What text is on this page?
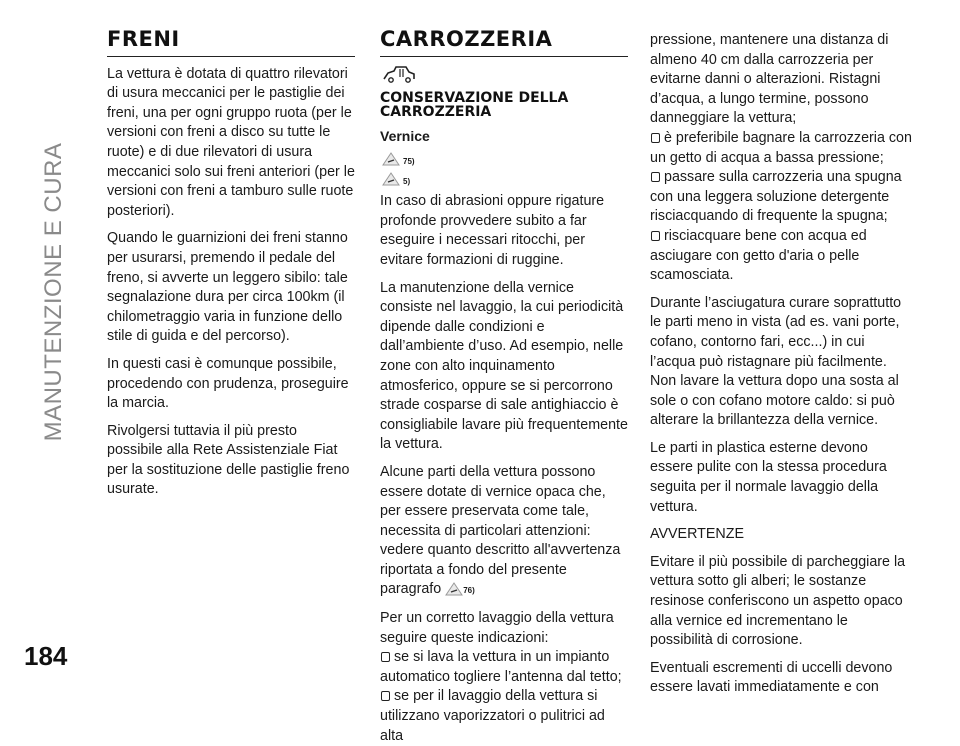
MANUTENZIONE E CURA
184
FRENI

La vettura è dotata di quattro rilevatori di usura meccanici per le pastiglie dei freni, una per ogni gruppo ruota (per le versioni con freni a disco su tutte le ruote) e di due rilevatori di usura meccanici solo sui freni anteriori (per le versioni con freni a tamburo sulle ruote posteriori).

Quando le guarnizioni dei freni stanno per usurarsi, premendo il pedale del freno, si avverte un leggero sibilo: tale segnalazione dura per circa 100km (il chilometraggio varia in funzione dello stile di guida e del percorso).

In questi casi è comunque possibile, procedendo con prudenza, proseguire la marcia.

Rivolgersi tuttavia il più presto possibile alla Rete Assistenziale Fiat per la sostituzione delle pastiglie freno usurate.

CARROZZERIA
CONSERVAZIONE DELLA CARROZZERIA
Vernice
75)
5)

In caso di abrasioni oppure rigature profonde provvedere subito a far eseguire i necessari ritocchi, per evitare formazioni di ruggine.

La manutenzione della vernice consiste nel lavaggio, la cui periodicità dipende dalle condizioni e dall’ambiente d’uso. Ad esempio, nelle zone con alto inquinamento atmosferico, oppure se si percorrono strade cosparse di sale antighiaccio è consigliabile lavare più frequentemente la vettura.

Alcune parti della vettura possono essere dotate di vernice opaca che, per essere preservata come tale, necessita di particolari attenzioni: vedere quanto descritto all'avvertenza riportata a fondo del presente paragrafo	76)

Per un corretto lavaggio della vettura seguire queste indicazioni:

se si lava la vettura in un impianto automatico togliere l’antenna dal tetto;
se per il lavaggio della vettura si utilizzano vaporizzatori o pulitrici ad alta
pressione, mantenere una distanza di almeno 40 cm dalla carrozzeria per evitarne danni o alterazioni. Ristagni d’acqua, a lungo termine, possono danneggiare la vettura;
è preferibile bagnare la carrozzeria con un getto di acqua a bassa pressione;
passare sulla carrozzeria una spugna con una leggera soluzione detergente risciacquando di frequente la spugna;
risciacquare bene con acqua ed asciugare con getto d'aria o pelle scamosciata.

Durante l’asciugatura curare soprattutto le parti meno in vista (ad es. vani porte, cofano, contorno fari, ecc...) in cui l’acqua può ristagnare più facilmente. Non lavare la vettura dopo una sosta al sole o con cofano motore caldo: si può alterare la brillantezza della vernice.

Le parti in plastica esterne devono essere pulite con la stessa procedura seguita per il normale lavaggio della vettura.

AVVERTENZE

Evitare il più possibile di parcheggiare la vettura sotto gli alberi; le sostanze resinose conferiscono un aspetto opaco alla vernice ed incrementano le possibilità di corrosione.

Eventuali escrementi di uccelli devono essere lavati immediatamente e con
